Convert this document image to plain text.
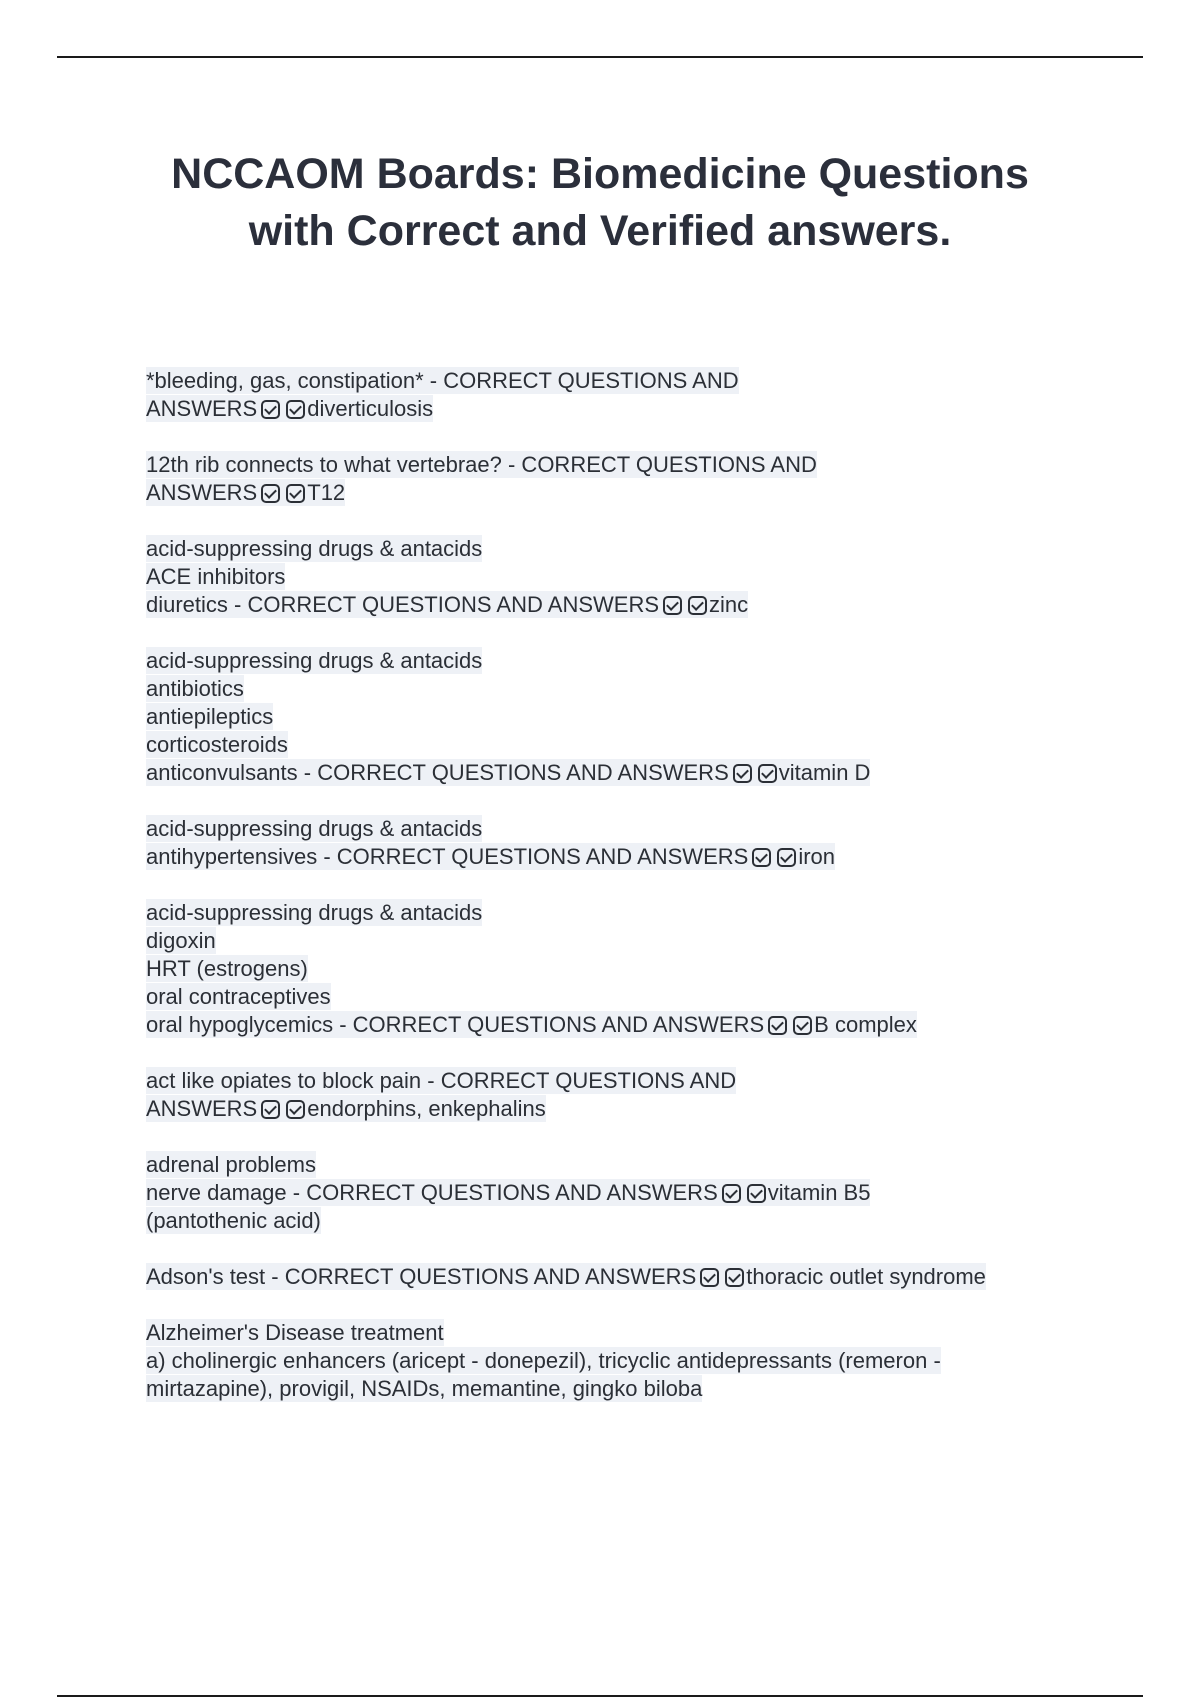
NCCAOM Boards: Biomedicine Questions with Correct and Verified answers.
*bleeding, gas, constipation* - CORRECT QUESTIONS AND
ANSWERS diverticulosis
12th rib connects to what vertebrae? - CORRECT QUESTIONS AND
ANSWERS T12
acid-suppressing drugs & antacids
ACE inhibitors
diuretics - CORRECT QUESTIONS AND ANSWERS zinc
acid-suppressing drugs & antacids
antibiotics
antiepileptics
corticosteroids
anticonvulsants - CORRECT QUESTIONS AND ANSWERS vitamin D
acid-suppressing drugs & antacids
antihypertensives - CORRECT QUESTIONS AND ANSWERS iron
acid-suppressing drugs & antacids
digoxin
HRT (estrogens)
oral contraceptives
oral hypoglycemics - CORRECT QUESTIONS AND ANSWERS B complex
act like opiates to block pain - CORRECT QUESTIONS AND
ANSWERS endorphins, enkephalins
adrenal problems
nerve damage - CORRECT QUESTIONS AND ANSWERS vitamin B5
(pantothenic acid)
Adson's test - CORRECT QUESTIONS AND ANSWERS thoracic outlet syndrome
Alzheimer's Disease treatment
a) cholinergic enhancers (aricept - donepezil), tricyclic antidepressants (remeron -
mirtazapine), provigil, NSAIDs, memantine, gingko biloba
